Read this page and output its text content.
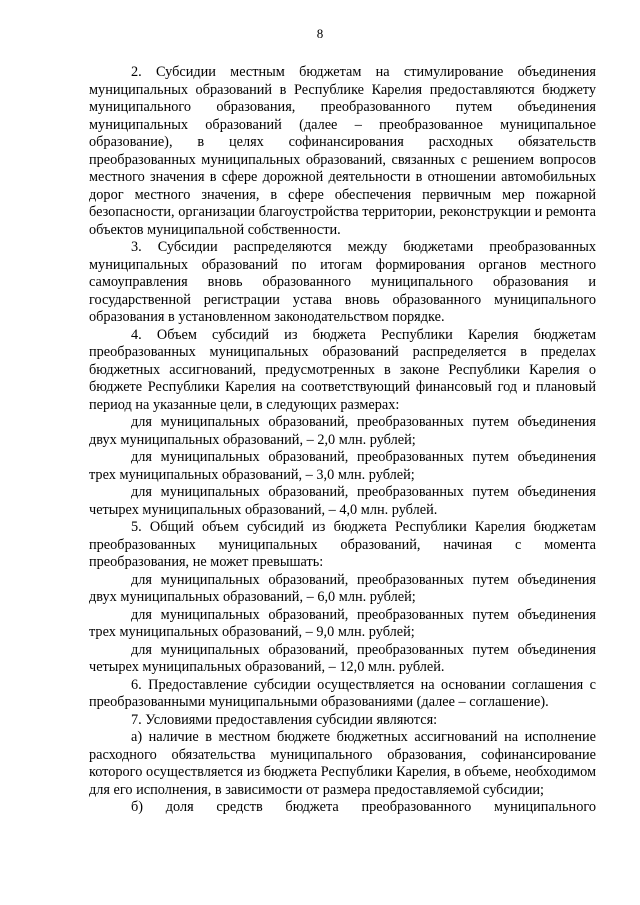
8

2. Субсидии местным бюджетам на стимулирование объединения муниципальных образований в Республике Карелия предоставляются бюджету муниципального образования, преобразованного путем объединения муниципальных образований (далее – преобразованное муниципальное образование), в целях софинансирования расходных обязательств преобразованных муниципальных образований, связанных с решением вопросов местного значения в сфере дорожной деятельности в отношении автомобильных дорог местного значения, в сфере обеспечения первичным мер пожарной безопасности, организации благоустройства территории, реконструкции и ремонта объектов муниципальной собственности.

3. Субсидии распределяются между бюджетами преобразованных муниципальных образований по итогам формирования органов местного самоуправления вновь образованного муниципального образования и государственной регистрации устава вновь образованного муниципального образования в установленном законодательством порядке.

4. Объем субсидий из бюджета Республики Карелия бюджетам преобразованных муниципальных образований распределяется в пределах бюджетных ассигнований, предусмотренных в законе Республики Карелия о бюджете Республики Карелия на соответствующий финансовый год и плановый период на указанные цели, в следующих размерах:

для муниципальных образований, преобразованных путем объединения двух муниципальных образований, – 2,0 млн. рублей;

для муниципальных образований, преобразованных путем объединения трех муниципальных образований, – 3,0 млн. рублей;

для муниципальных образований, преобразованных путем объединения четырех муниципальных образований, – 4,0 млн. рублей.

5. Общий объем субсидий из бюджета Республики Карелия бюджетам преобразованных муниципальных образований, начиная с момента преобразования, не может превышать:

для муниципальных образований, преобразованных путем объединения двух муниципальных образований, – 6,0 млн. рублей;

для муниципальных образований, преобразованных путем объединения трех муниципальных образований, – 9,0 млн. рублей;

для муниципальных образований, преобразованных путем объединения четырех муниципальных образований, – 12,0 млн. рублей.

6. Предоставление субсидии осуществляется на основании соглашения с преобразованными муниципальными образованиями (далее – соглашение).

7. Условиями предоставления субсидии являются:

а) наличие в местном бюджете бюджетных ассигнований на исполнение расходного обязательства муниципального образования, софинансирование которого осуществляется из бюджета Республики Карелия, в объеме, необходимом для его исполнения, в зависимости от размера предоставляемой субсидии;

б) доля средств бюджета преобразованного муниципального
